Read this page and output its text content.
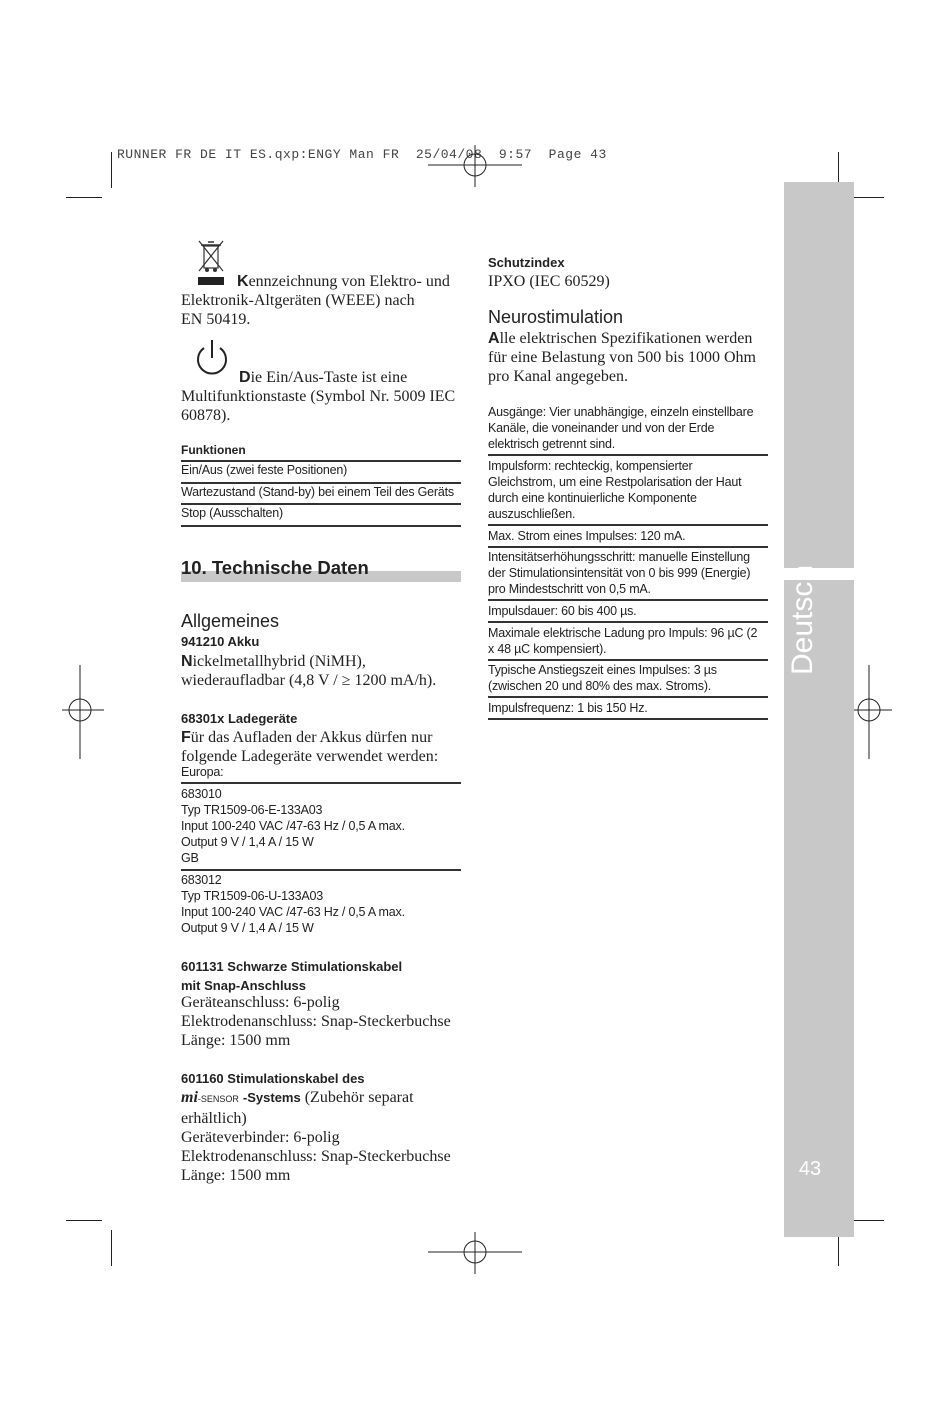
RUNNER FR DE IT ES.qxp:ENGY Man FR  25/04/08  9:57  Page 43
Deutsch
43
Kennzeichnung von Elektro- und
Elektronik-Altgeräten (WEEE) nach
EN 50419.
Die Ein/Aus-Taste ist eine
Multifunktionstaste (Symbol Nr. 5009 IEC
60878).
Funktionen
Ein/Aus (zwei feste Positionen)
Wartezustand (Stand-by) bei einem Teil des Geräts
Stop (Ausschalten)
10. Technische Daten
Allgemeines
941210 Akku
Nickelmetallhybrid (NiMH),
wiederaufladbar (4,8 V / ≥ 1200 mA/h).
68301x Ladegeräte
Für das Aufladen der Akkus dürfen nur
folgende Ladegeräte verwendet werden:
Europa:
683010
Typ TR1509-06-E-133A03
Input 100-240 VAC /47-63 Hz / 0,5 A max.
Output 9 V / 1,4 A / 15 W
GB
683012
Typ TR1509-06-U-133A03
Input 100-240 VAC /47-63 Hz / 0,5 A max.
Output 9 V / 1,4 A / 15 W
601131 Schwarze Stimulationskabel
mit Snap-Anschluss
Geräteanschluss: 6-polig
Elektrodenanschluss: Snap-Steckerbuchse
Länge: 1500 mm
601160 Stimulationskabel des
mi-SENSOR -Systems (Zubehör separat
erhältlich)
Geräteverbinder: 6-polig
Elektrodenanschluss: Snap-Steckerbuchse
Länge: 1500 mm
Schutzindex
IPXO (IEC 60529)
Neurostimulation
Alle elektrischen Spezifikationen werden
für eine Belastung von 500 bis 1000 Ohm
pro Kanal angegeben.
Ausgänge: Vier unabhängige, einzeln einstellbare
Kanäle, die voneinander und von der Erde
elektrisch getrennt sind.
Impulsform: rechteckig, kompensierter
Gleichstrom, um eine Restpolarisation der Haut
durch eine kontinuierliche Komponente
auszuschließen.
Max. Strom eines Impulses: 120 mA.
Intensitätserhöhungsschritt: manuelle Einstellung
der Stimulationsintensität von 0 bis 999 (Energie)
pro Mindestschritt von 0,5 mA.
Impulsdauer: 60 bis 400 µs.
Maximale elektrische Ladung pro Impuls: 96 µC (2
x 48 µC kompensiert).
Typische Anstiegszeit eines Impulses: 3 µs
(zwischen 20 und 80% des max. Stroms).
Impulsfrequenz: 1 bis 150 Hz.
